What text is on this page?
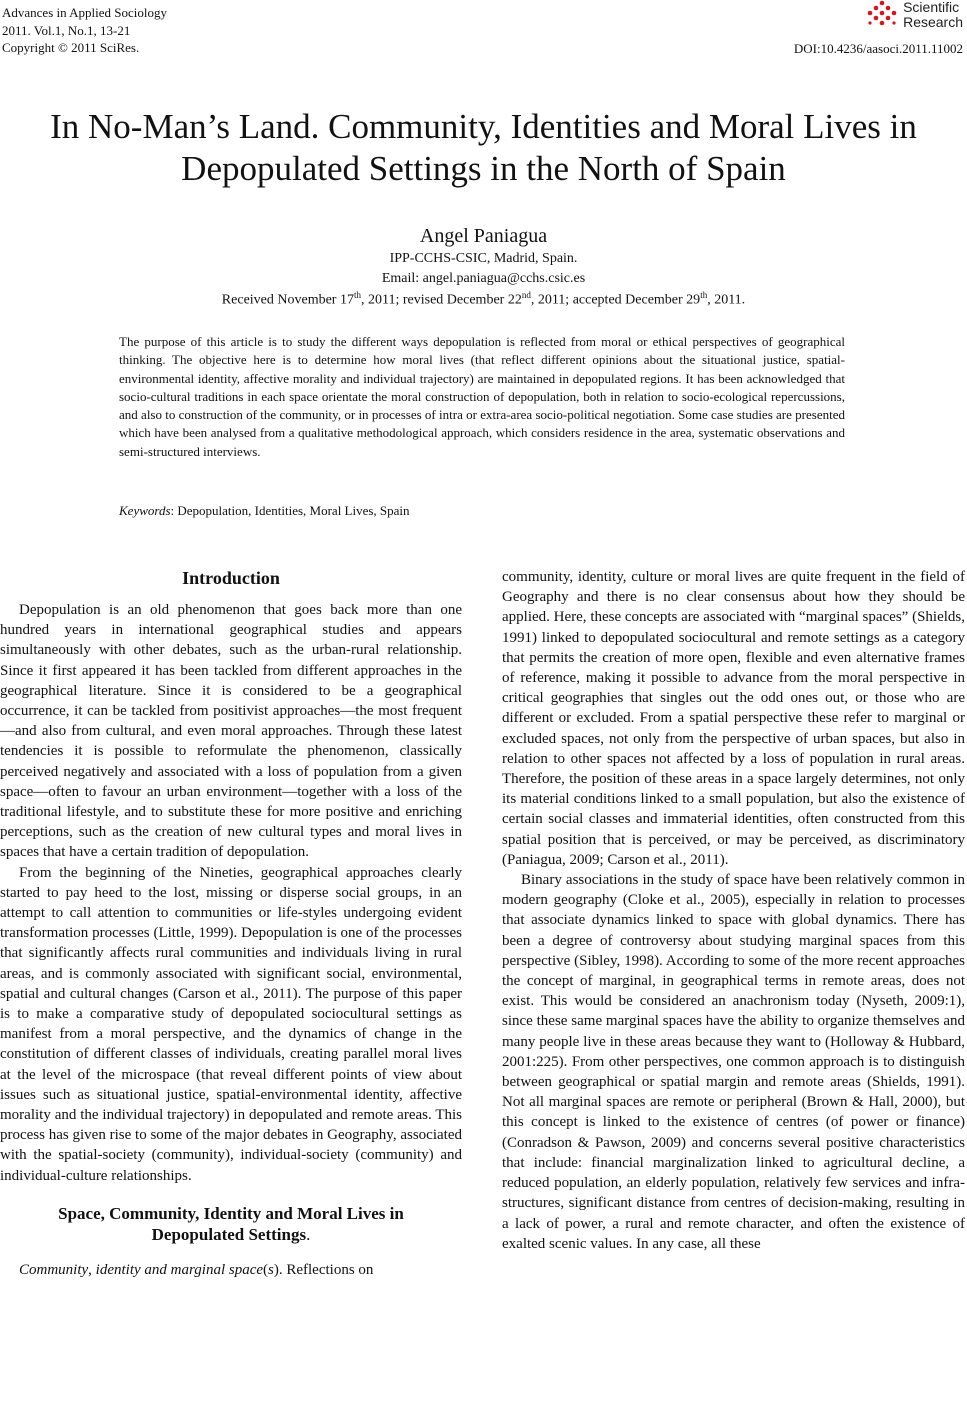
Advances in Applied Sociology
2011. Vol.1, No.1, 13-21
Copyright © 2011 SciRes.
Scientific
Research
DOI:10.4236/aasoci.2011.11002
In No-Man’s Land. Community, Identities and Moral Lives in
Depopulated Settings in the North of Spain
Angel Paniagua
IPP-CCHS-CSIC, Madrid, Spain.
Email: angel.paniagua@cchs.csic.es
Received November 17th, 2011; revised December 22nd, 2011; accepted December 29th, 2011.
The purpose of this article is to study the different ways depopulation is reflected from moral or ethical perspectives of geographical thinking. The objective here is to determine how moral lives (that reflect different opinions about the situational justice, spatial-environmental identity, affective morality and individual trajectory) are maintained in depopulated regions. It has been acknowledged that socio-cultural traditions in each space orientate the moral construction of depopulation, both in relation to socio-ecological repercussions, and also to construction of the community, or in processes of intra or extra-area socio-political negotiation. Some case studies are presented which have been analysed from a qualitative methodological approach, which considers residence in the area, systematic observations and semi-structured interviews.
Keywords: Depopulation, Identities, Moral Lives, Spain
Introduction

Depopulation is an old phenomenon that goes back more than one hundred years in international geographical studies and appears simultaneously with other debates, such as the urban-rural relationship. Since it first appeared it has been tackled from different approaches in the geographical literature. Since it is considered to be a geographical occurrence, it can be tackled from positivist approaches—the most frequent—and also from cultural, and even moral approaches. Through these latest tendencies it is possible to reformulate the phenomenon, classically perceived negatively and associated with a loss of population from a given space—often to favour an urban environment—together with a loss of the traditional lifestyle, and to substitute these for more positive and enriching perceptions, such as the creation of new cultural types and moral lives in spaces that have a certain tradition of depopulation.

From the beginning of the Nineties, geographical approaches clearly started to pay heed to the lost, missing or disperse social groups, in an attempt to call attention to communities or life-styles undergoing evident transformation processes (Little, 1999). Depopulation is one of the processes that significantly affects rural communities and individuals living in rural areas, and is commonly associated with significant social, environmental, spatial and cultural changes (Carson et al., 2011). The purpose of this paper is to make a comparative study of depopulated sociocultural settings as manifest from a moral perspective, and the dynamics of change in the constitution of different classes of individuals, creating parallel moral lives at the level of the microspace (that reveal different points of view about issues such as situational justice, spatial-environmental identity, affective morality and the individual trajectory) in depopulated and remote areas. This process has given rise to some of the major debates in Geography, associated with the spatial-society (community), individual-society (community) and individual-culture relationships.

Space, Community, Identity and Moral Lives in
Depopulated Settings.

Community, identity and marginal space(s). Reflections on

community, identity, culture or moral lives are quite frequent in the field of Geography and there is no clear consensus about how they should be applied. Here, these concepts are associated with “marginal spaces” (Shields, 1991) linked to depopulated sociocultural and remote settings as a category that permits the creation of more open, flexible and even alternative frames of reference, making it possible to advance from the moral perspective in critical geographies that singles out the odd ones out, or those who are different or excluded. From a spatial perspective these refer to marginal or excluded spaces, not only from the perspective of urban spaces, but also in relation to other spaces not affected by a loss of population in rural areas. Therefore, the position of these areas in a space largely determines, not only its material conditions linked to a small population, but also the existence of certain social classes and immaterial identities, often constructed from this spatial position that is perceived, or may be perceived, as discriminatory (Paniagua, 2009; Carson et al., 2011).

Binary associations in the study of space have been relatively common in modern geography (Cloke et al., 2005), especially in relation to processes that associate dynamics linked to space with global dynamics. There has been a degree of controversy about studying marginal spaces from this perspective (Sibley, 1998). According to some of the more recent approaches the concept of marginal, in geographical terms in remote areas, does not exist. This would be considered an anachronism today (Nyseth, 2009:1), since these same marginal spaces have the ability to organize themselves and many people live in these areas because they want to (Holloway & Hubbard, 2001:225). From other perspectives, one common approach is to distinguish between geographical or spatial margin and remote areas (Shields, 1991). Not all marginal spaces are remote or peripheral (Brown & Hall, 2000), but this concept is linked to the existence of centres (of power or finance) (Conradson & Pawson, 2009) and concerns several positive characteristics that include: financial marginalization linked to agricultural decline, a reduced population, an elderly population, relatively few services and infrastructures, significant distance from centres of decision-making, resulting in a lack of power, a rural and remote character, and often the existence of exalted scenic values. In any case, all these
